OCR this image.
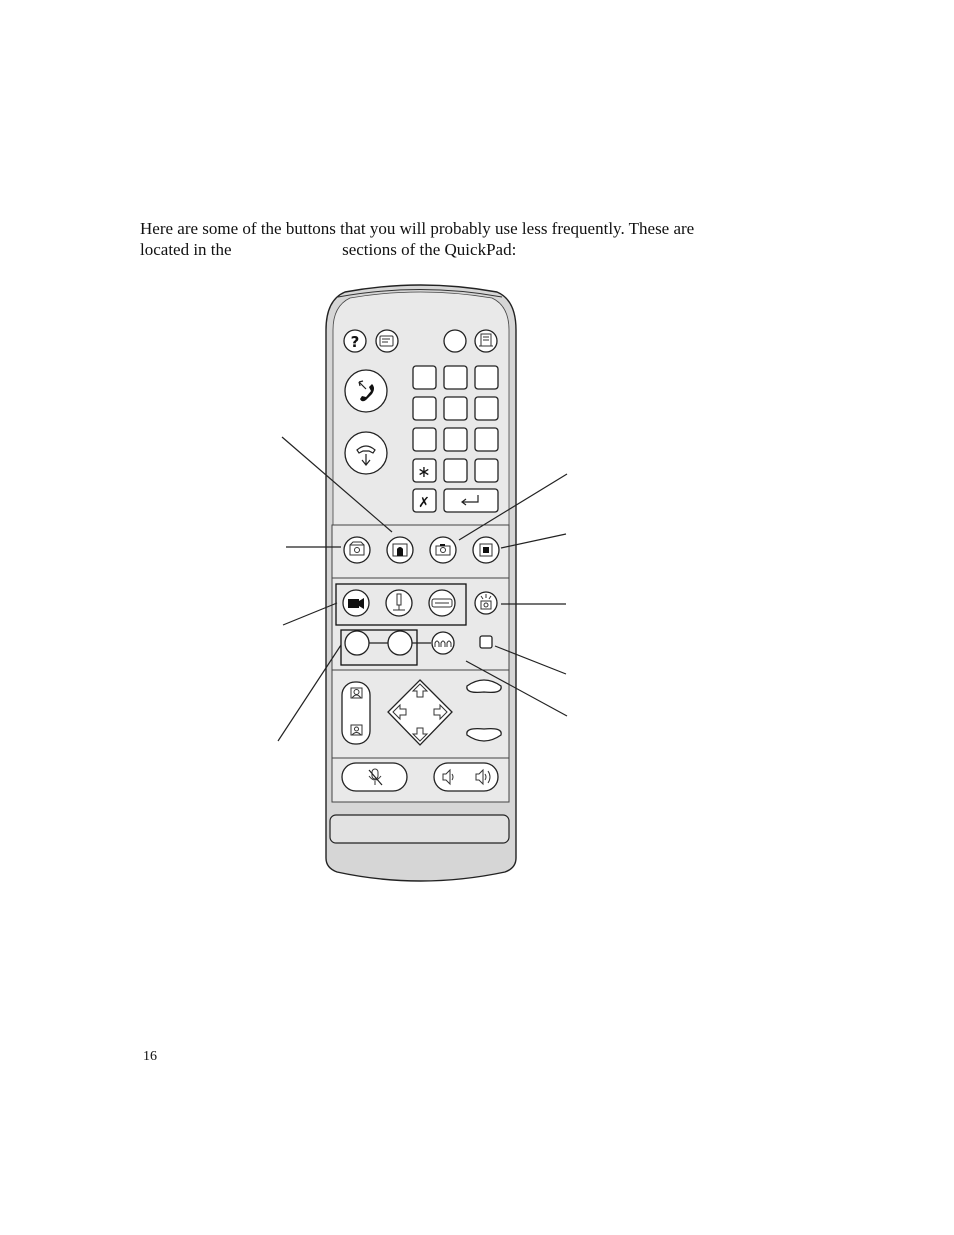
Here are some of the buttons that you will probably use less frequently. These are
located in the                          sections of the QuickPad:

?
∗
✗
16
